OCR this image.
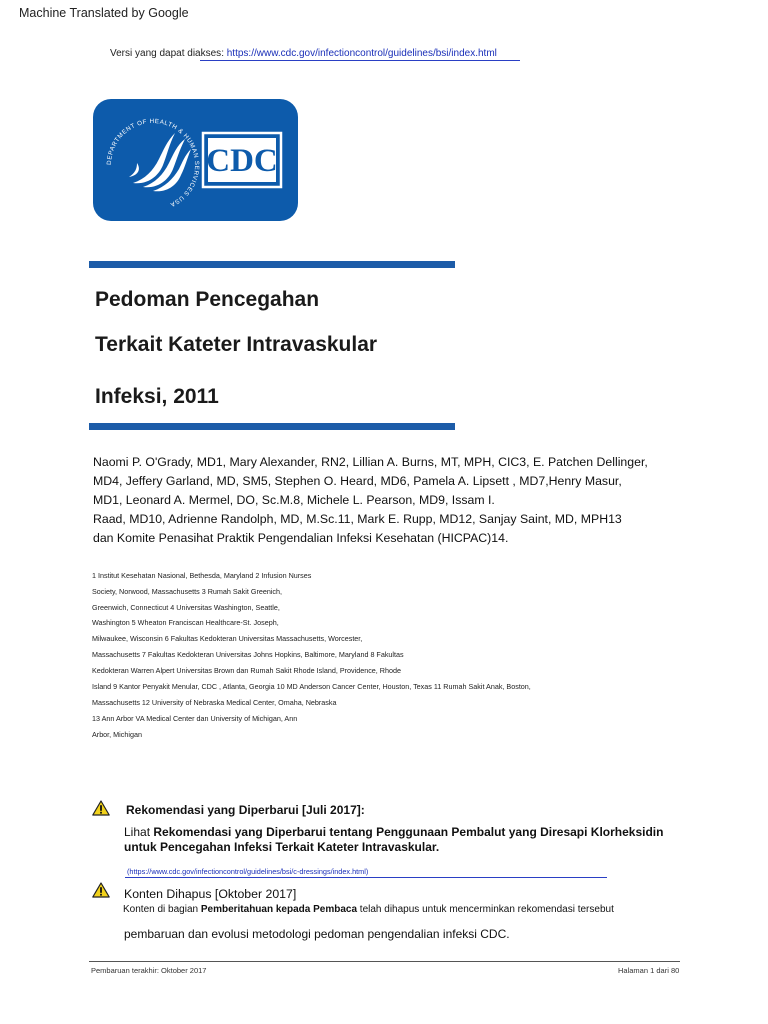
Machine Translated by Google
Versi yang dapat diakses: https://www.cdc.gov/infectioncontrol/guidelines/bsi/index.html
DEPARTMENT OF HEALTH & HUMAN SERVICES USA
CDC
Pedoman Pencegahan
Terkait Kateter Intravaskular
Infeksi, 2011
Naomi P. O'Grady, MD1, Mary Alexander, RN2, Lillian A. Burns, MT, MPH, CIC3, E. Patchen Dellinger,
MD4, Jeffery Garland, MD, SM5, Stephen O. Heard, MD6, Pamela A. Lipsett , MD7,Henry Masur,
MD1, Leonard A. Mermel, DO, Sc.M.8, Michele L. Pearson, MD9, Issam I.
Raad, MD10, Adrienne Randolph, MD, M.Sc.11, Mark E. Rupp, MD12, Sanjay Saint, MD, MPH13
dan Komite Penasihat Praktik Pengendalian Infeksi Kesehatan (HICPAC)14.
1 Institut Kesehatan Nasional, Bethesda, Maryland 2 Infusion Nurses
Society, Norwood, Massachusetts 3 Rumah Sakit Greenich,
Greenwich, Connecticut 4 Universitas Washington, Seattle,
Washington 5 Wheaton Franciscan Healthcare-St. Joseph,
Milwaukee, Wisconsin 6 Fakultas Kedokteran Universitas Massachusetts, Worcester,
Massachusetts 7 Fakultas Kedokteran Universitas Johns Hopkins, Baltimore, Maryland 8 Fakultas
Kedokteran Warren Alpert Universitas Brown dan Rumah Sakit Rhode Island, Providence, Rhode
Island 9 Kantor Penyakit Menular, CDC , Atlanta, Georgia 10 MD Anderson Cancer Center, Houston, Texas 11 Rumah Sakit Anak, Boston,
Massachusetts 12 University of Nebraska Medical Center, Omaha, Nebraska
13 Ann Arbor VA Medical Center dan University of Michigan, Ann
Arbor, Michigan
Rekomendasi yang Diperbarui [Juli 2017]:
Lihat Rekomendasi yang Diperbarui tentang Penggunaan Pembalut yang Diresapi Klorheksidin
untuk Pencegahan Infeksi Terkait Kateter Intravaskular.
(https://www.cdc.gov/infectioncontrol/guidelines/bsi/c-dressings/index.html)
Konten Dihapus [Oktober 2017]
Konten di bagian Pemberitahuan kepada Pembaca telah dihapus untuk mencerminkan rekomendasi tersebut
pembaruan dan evolusi metodologi pedoman pengendalian infeksi CDC.
Pembaruan terakhir: Oktober 2017	Halaman 1 dari 80
